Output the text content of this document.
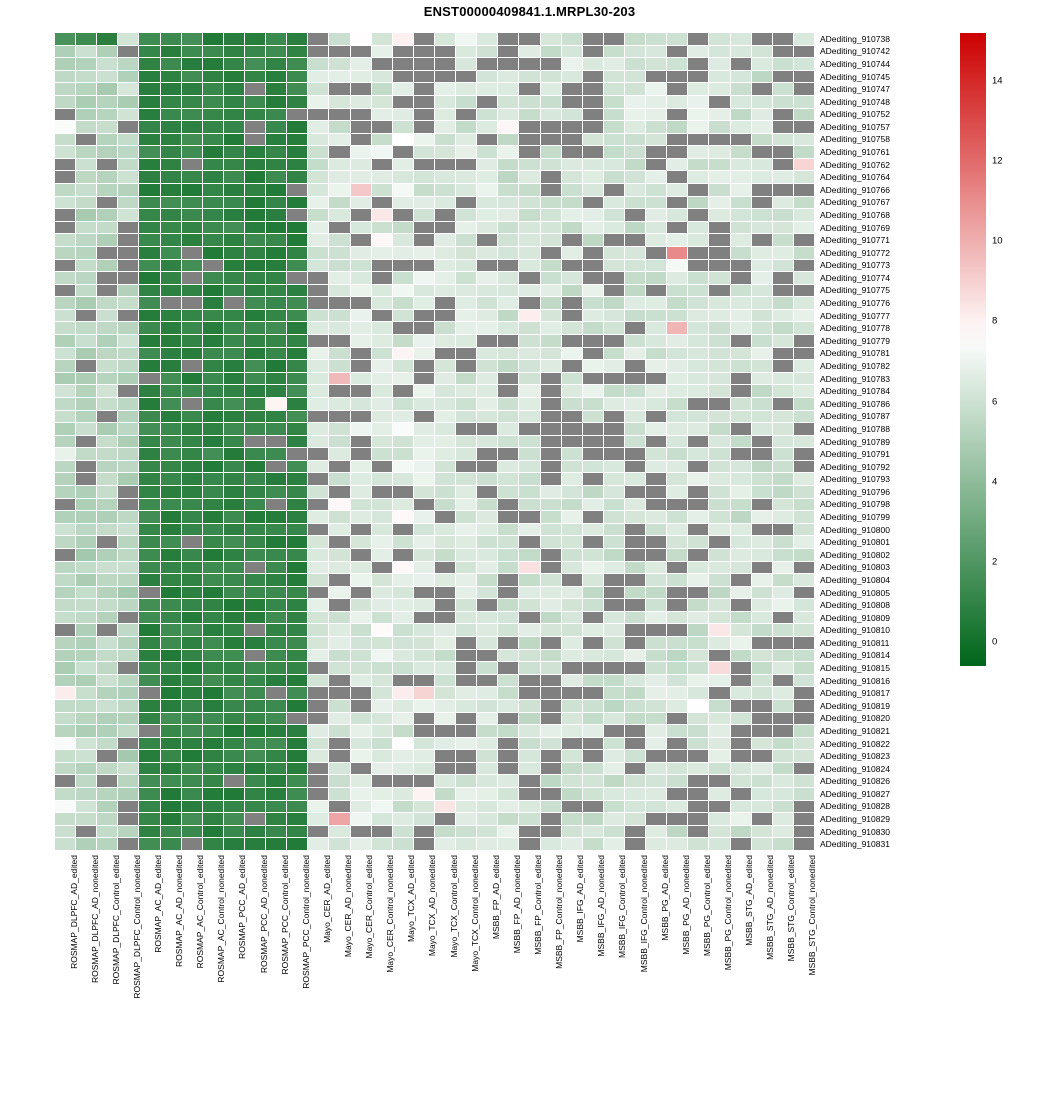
ENST00000409841.1.MRPL30-203
ADediting_910738
ADediting_910742
ADediting_910744
ADediting_910745
ADediting_910747
ADediting_910748
ADediting_910752
ADediting_910757
ADediting_910758
ADediting_910761
ADediting_910762
ADediting_910764
ADediting_910766
ADediting_910767
ADediting_910768
ADediting_910769
ADediting_910771
ADediting_910772
ADediting_910773
ADediting_910774
ADediting_910775
ADediting_910776
ADediting_910777
ADediting_910778
ADediting_910779
ADediting_910781
ADediting_910782
ADediting_910783
ADediting_910784
ADediting_910786
ADediting_910787
ADediting_910788
ADediting_910789
ADediting_910791
ADediting_910792
ADediting_910793
ADediting_910796
ADediting_910798
ADediting_910799
ADediting_910800
ADediting_910801
ADediting_910802
ADediting_910803
ADediting_910804
ADediting_910805
ADediting_910808
ADediting_910809
ADediting_910810
ADediting_910811
ADediting_910814
ADediting_910815
ADediting_910816
ADediting_910817
ADediting_910819
ADediting_910820
ADediting_910821
ADediting_910822
ADediting_910823
ADediting_910824
ADediting_910826
ADediting_910827
ADediting_910828
ADediting_910829
ADediting_910830
ADediting_910831
ROSMAP_DLPFC_AD_edited ROSMAP_DLPFC_AD_nonedited ROSMAP_DLPFC_Control_edited ROSMAP_DLPFC_Control_nonedited ROSMAP_AC_AD_edited ROSMAP_AC_AD_nonedited ROSMAP_AC_Control_edited ROSMAP_AC_Control_nonedited ROSMAP_PCC_AD_edited ROSMAP_PCC_AD_nonedited ROSMAP_PCC_Control_edited ROSMAP_PCC_Control_nonedited Mayo_CER_AD_edited Mayo_CER_AD_nonedited Mayo_CER_Control_edited Mayo_CER_Control_nonedited Mayo_TCX_AD_edited Mayo_TCX_AD_nonedited Mayo_TCX_Control_edited Mayo_TCX_Control_nonedited MSBB_FP_AD_edited MSBB_FP_AD_nonedited MSBB_FP_Control_edited MSBB_FP_Control_nonedited MSBB_IFG_AD_edited MSBB_IFG_AD_nonedited MSBB_IFG_Control_edited MSBB_IFG_Control_nonedited MSBB_PG_AD_edited MSBB_PG_AD_nonedited MSBB_PG_Control_edited MSBB_PG_Control_nonedited MSBB_STG_AD_edited MSBB_STG_AD_nonedited MSBB_STG_Control_edited MSBB_STG_Control_nonedited
0
2
4
6
8
10
12
14
